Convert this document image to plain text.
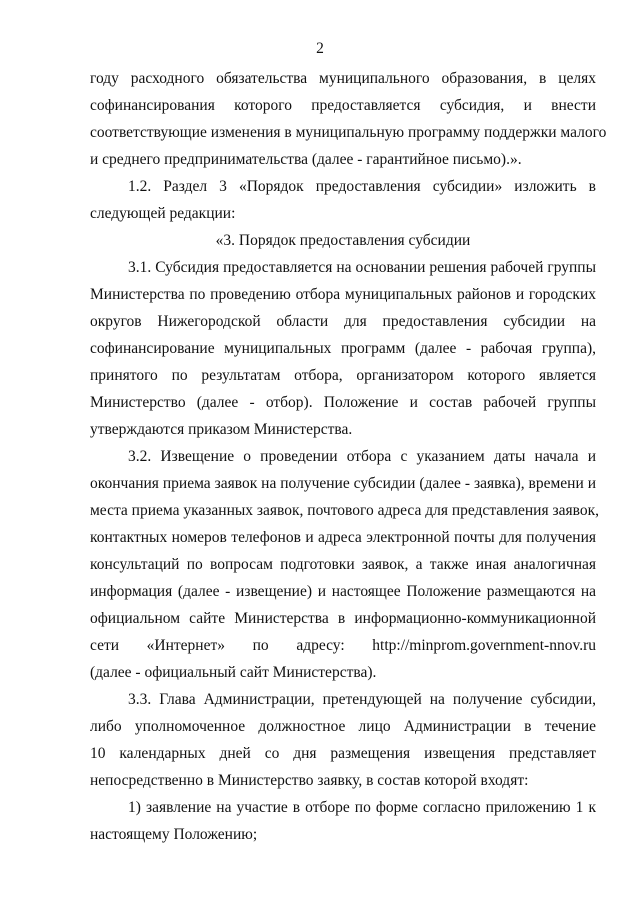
2
году расходного обязательства муниципального образования, в целях
софинансирования которого предоставляется субсидия, и внести
соответствующие изменения в муниципальную программу поддержки малого
и среднего предпринимательства (далее - гарантийное письмо).».
1.2. Раздел 3 «Порядок предоставления субсидии» изложить в
следующей редакции:
«3. Порядок предоставления субсидии
3.1. Субсидия предоставляется на основании решения рабочей группы
Министерства по проведению отбора муниципальных районов и городских
округов Нижегородской области для предоставления субсидии на
софинансирование муниципальных программ (далее - рабочая группа),
принятого по результатам отбора, организатором которого является
Министерство (далее - отбор). Положение и состав рабочей группы
утверждаются приказом Министерства.
3.2. Извещение о проведении отбора с указанием даты начала и
окончания приема заявок на получение субсидии (далее - заявка), времени и
места приема указанных заявок, почтового адреса для представления заявок,
контактных номеров телефонов и адреса электронной почты для получения
консультаций по вопросам подготовки заявок, а также иная аналогичная
информация (далее - извещение) и настоящее Положение размещаются на
официальном сайте Министерства в информационно-коммуникационной
сети «Интернет» по адресу: http://minprom.government-nnov.ru
(далее - официальный сайт Министерства).
3.3. Глава Администрации, претендующей на получение субсидии,
либо уполномоченное должностное лицо Администрации в течение
10 календарных дней со дня размещения извещения представляет
непосредственно в Министерство заявку, в состав которой входят:
1) заявление на участие в отборе по форме согласно приложению 1 к
настоящему Положению;
